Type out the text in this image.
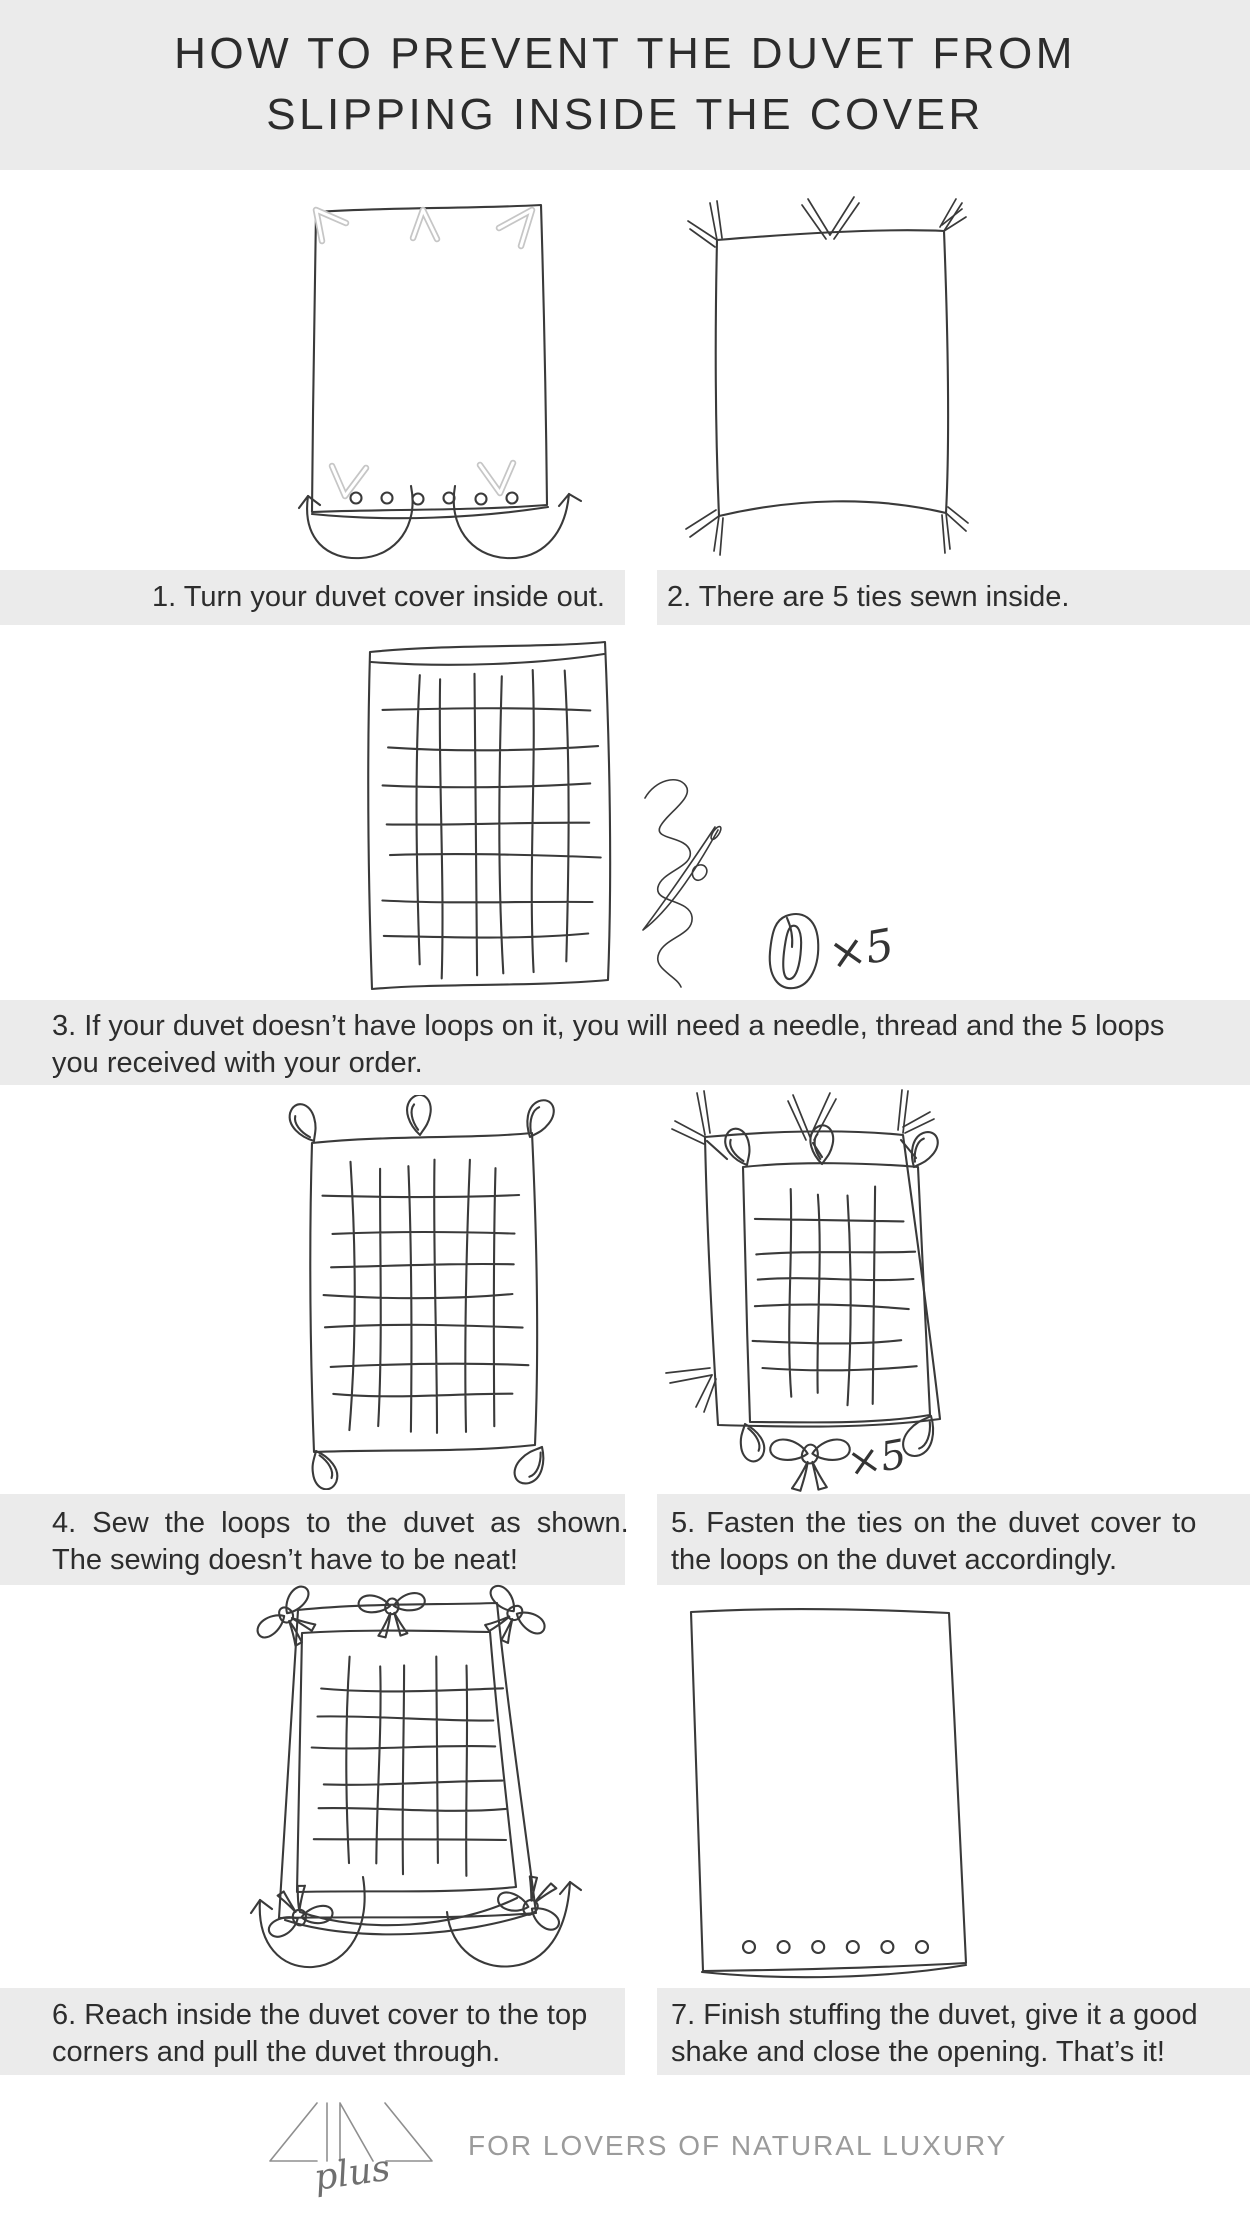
HOW TO PREVENT THE DUVET FROM
SLIPPING INSIDE THE COVER
1. Turn your duvet cover inside out. 2. There are 5 ties sewn inside.
×5
3. If your duvet doesn’t have loops on it, you will need a needle, thread and the 5 loops
you received with your order.
×5
4. Sew the loops to the duvet as shown.
The sewing doesn’t have to be neat!
5. Fasten the ties on the duvet cover to
the loops on the duvet accordingly.
6. Reach inside the duvet cover to the top
corners and pull the duvet through.
7. Finish stuffing the duvet, give it a good
shake and close the opening. That’s it!
plus
FOR LOVERS OF NATURAL LUXURY
